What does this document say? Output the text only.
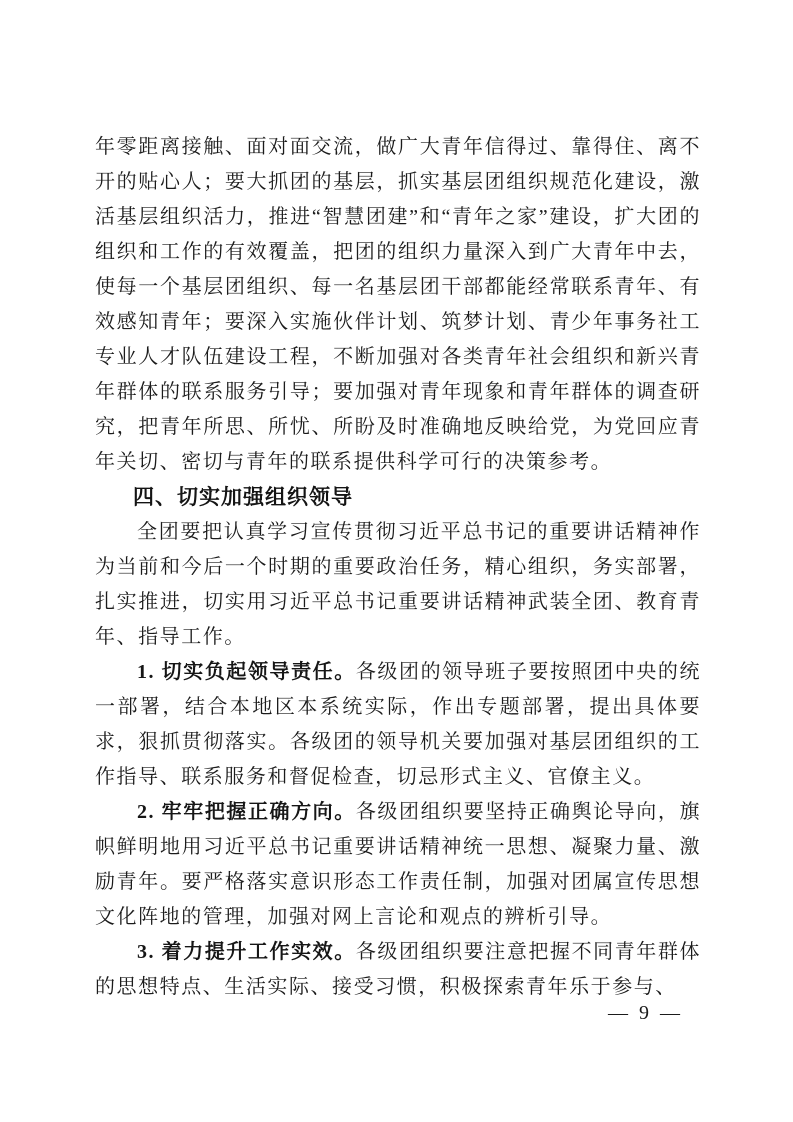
年零距离接触、面对面交流，做广大青年信得过、靠得住、离不开的贴心人；要大抓团的基层，抓实基层团组织规范化建设，激活基层组织活力，推进“智慧团建”和“青年之家”建设，扩大团的组织和工作的有效覆盖，把团的组织力量深入到广大青年中去，使每一个基层团组织、每一名基层团干部都能经常联系青年、有效感知青年；要深入实施伙伴计划、筑梦计划、青少年事务社工专业人才队伍建设工程，不断加强对各类青年社会组织和新兴青年群体的联系服务引导；要加强对青年现象和青年群体的调查研究，把青年所思、所忧、所盼及时准确地反映给党，为党回应青年关切、密切与青年的联系提供科学可行的决策参考。

四、切实加强组织领导

全团要把认真学习宣传贯彻习近平总书记的重要讲话精神作为当前和今后一个时期的重要政治任务，精心组织，务实部署，扎实推进，切实用习近平总书记重要讲话精神武装全团、教育青年、指导工作。

1. 切实负起领导责任。各级团的领导班子要按照团中央的统一部署，结合本地区本系统实际，作出专题部署，提出具体要求，狠抓贯彻落实。各级团的领导机关要加强对基层团组织的工作指导、联系服务和督促检查，切忌形式主义、官僚主义。

2. 牢牢把握正确方向。各级团组织要坚持正确舆论导向，旗帜鲜明地用习近平总书记重要讲话精神统一思想、凝聚力量、激励青年。要严格落实意识形态工作责任制，加强对团属宣传思想文化阵地的管理，加强对网上言论和观点的辨析引导。

3. 着力提升工作实效。各级团组织要注意把握不同青年群体的思想特点、生活实际、接受习惯，积极探索青年乐于参与、

— 9 —
